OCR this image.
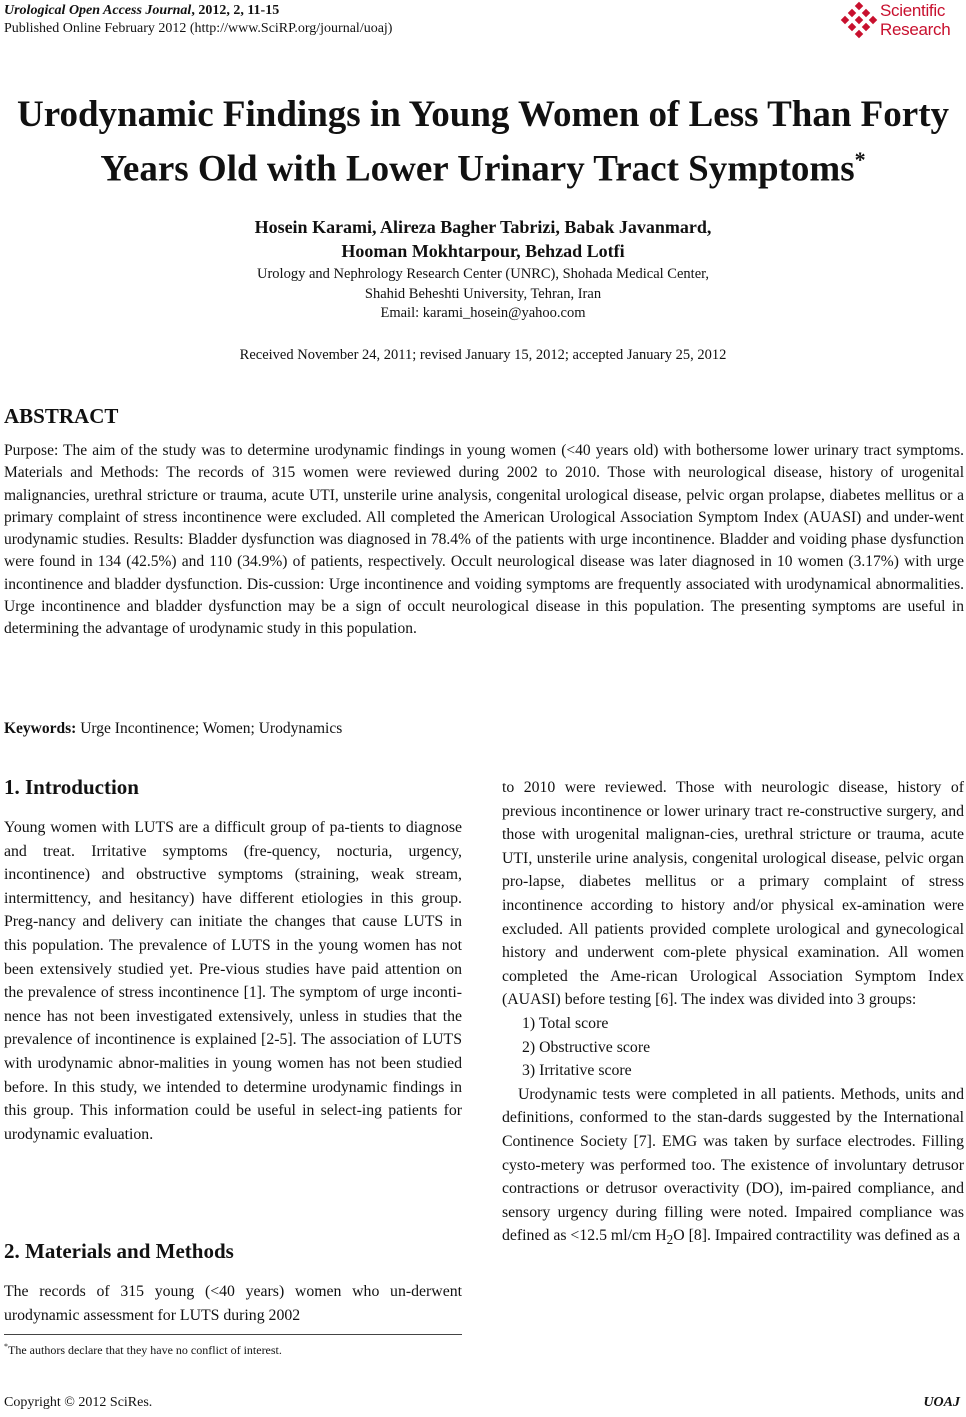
Urological Open Access Journal, 2012, 2, 11-15
Published Online February 2012 (http://www.SciRP.org/journal/uoaj)
Scientific
Research
Urodynamic Findings in Young Women of Less Than Forty
Years Old with Lower Urinary Tract Symptoms*
Hosein Karami, Alireza Bagher Tabrizi, Babak Javanmard,
Hooman Mokhtarpour, Behzad Lotfi
Urology and Nephrology Research Center (UNRC), Shohada Medical Center,
Shahid Beheshti University, Tehran, Iran
Email: karami_hosein@yahoo.com
Received November 24, 2011; revised January 15, 2012; accepted January 25, 2012
ABSTRACT
Purpose: The aim of the study was to determine urodynamic findings in young women (<40 years old) with bothersome lower urinary tract symptoms. Materials and Methods: The records of 315 women were reviewed during 2002 to 2010. Those with neurological disease, history of urogenital malignancies, urethral stricture or trauma, acute UTI, unsterile urine analysis, congenital urological disease, pelvic organ prolapse, diabetes mellitus or a primary complaint of stress incontinence were excluded. All completed the American Urological Association Symptom Index (AUASI) and under-went urodynamic studies. Results: Bladder dysfunction was diagnosed in 78.4% of the patients with urge incontinence. Bladder and voiding phase dysfunction were found in 134 (42.5%) and 110 (34.9%) of patients, respectively. Occult neurological disease was later diagnosed in 10 women (3.17%) with urge incontinence and bladder dysfunction. Dis-cussion: Urge incontinence and voiding symptoms are frequently associated with urodynamical abnormalities. Urge incontinence and bladder dysfunction may be a sign of occult neurological disease in this population. The presenting symptoms are useful in determining the advantage of urodynamic study in this population.
Keywords: Urge Incontinence; Women; Urodynamics
1. Introduction
Young women with LUTS are a difficult group of pa-tients to diagnose and treat. Irritative symptoms (fre-quency, nocturia, urgency, incontinence) and obstructive symptoms (straining, weak stream, intermittency, and hesitancy) have different etiologies in this group. Preg-nancy and delivery can initiate the changes that cause LUTS in this population. The prevalence of LUTS in the young women has not been extensively studied yet. Pre-vious studies have paid attention on the prevalence of stress incontinence [1]. The symptom of urge inconti-nence has not been investigated extensively, unless in studies that the prevalence of incontinence is explained [2-5]. The association of LUTS with urodynamic abnor-malities in young women has not been studied before. In this study, we intended to determine urodynamic findings in this group. This information could be useful in select-ing patients for urodynamic evaluation.
2. Materials and Methods
The records of 315 young (<40 years) women who un-derwent urodynamic assessment for LUTS during 2002

to 2010 were reviewed. Those with neurologic disease, history of previous incontinence or lower urinary tract re-constructive surgery, and those with urogenital malignan-cies, urethral stricture or trauma, acute UTI, unsterile urine analysis, congenital urological disease, pelvic organ pro-lapse, diabetes mellitus or a primary complaint of stress incontinence according to history and/or physical ex-amination were excluded. All patients provided complete urological and gynecological history and underwent com-plete physical examination. All women completed the Ame-rican Urological Association Symptom Index (AUASI) before testing [6]. The index was divided into 3 groups:

1) Total score

2) Obstructive score

3) Irritative score

Urodynamic tests were completed in all patients. Methods, units and definitions, conformed to the stan-dards suggested by the International Continence Society [7]. EMG was taken by surface electrodes. Filling cysto-metery was performed too. The existence of involuntary detrusor contractions or detrusor overactivity (DO), im-paired compliance, and sensory urgency during filling were noted. Impaired compliance was defined as <12.5 ml/cm $H_2O$ [8]. Impaired contractility was defined as a

*The authors declare that they have no conflict of interest.
Copyright © 2012 SciRes.	UOAJ
